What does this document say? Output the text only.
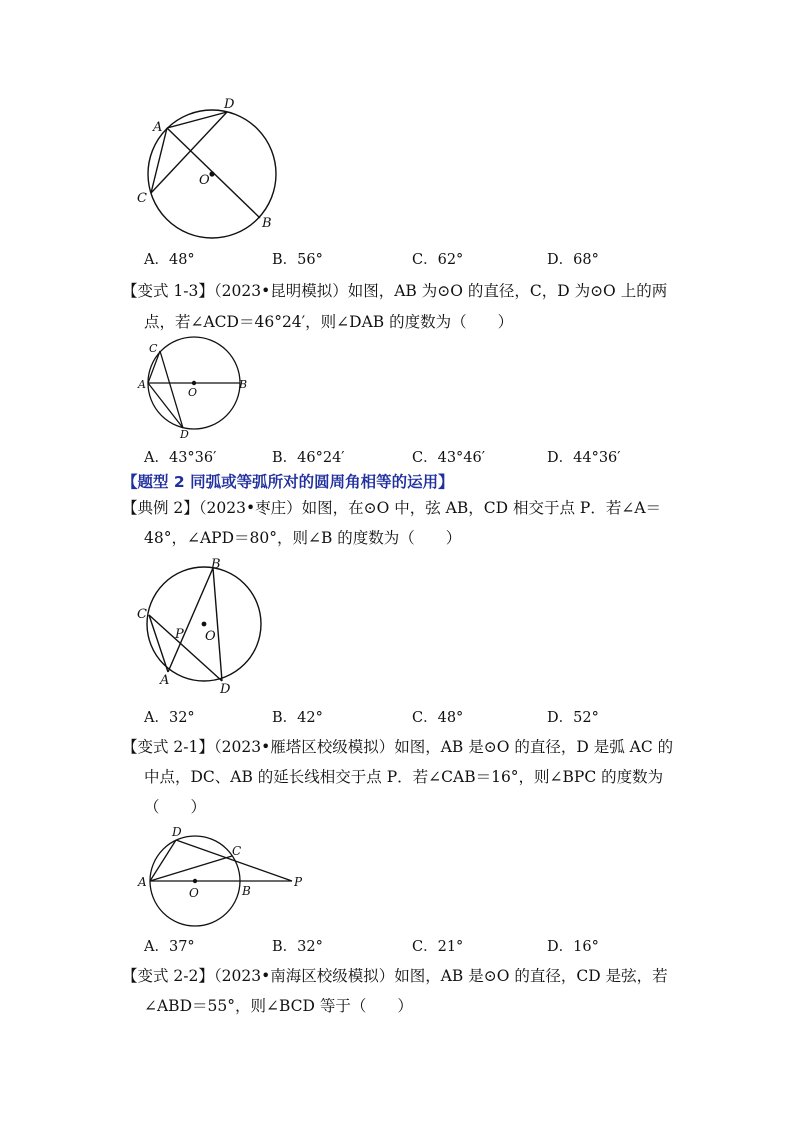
A
D
O
C
B
A．48°	B．56°	C．62°	D．68°
【变式 1-3】（2023•昆明模拟）如图，AB 为⊙O 的直径，C，D 为⊙O 上的两
点，若∠ACD＝46°24′，则∠DAB 的度数为（　　）
C
A
O
B
D
A．43°36′	B．46°24′	C．43°46′	D．44°36′
【题型 2 同弧或等弧所对的圆周角相等的运用】
【典例 2】（2023•枣庄）如图，在⊙O 中，弦 AB，CD 相交于点 P．若∠A＝
48°，∠APD＝80°，则∠B 的度数为（　　）
B
C
P O
A
D
A．32°	B．42°	C．48°	D．52°
【变式 2-1】（2023•雁塔区校级模拟）如图，AB 是⊙O 的直径，D 是弧 AC 的
中点，DC、AB 的延长线相交于点 P．若∠CAB＝16°，则∠BPC 的度数为
（　　）
D
C
A
O	B
P
A．37°	B．32°	C．21°	D．16°
【变式 2-2】（2023•南海区校级模拟）如图，AB 是⊙O 的直径，CD 是弦，若
∠ABD＝55°，则∠BCD 等于（　　）
